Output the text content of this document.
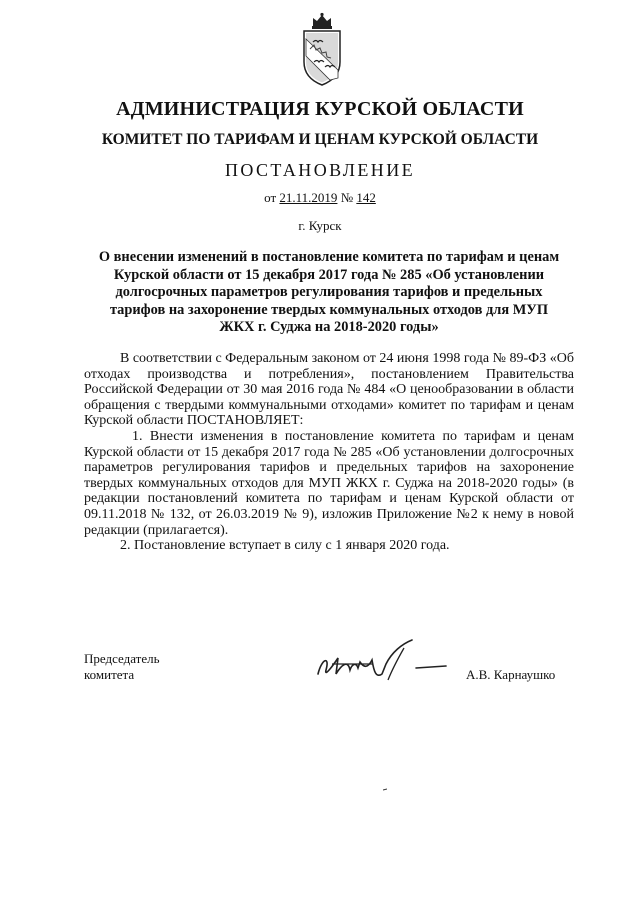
АДМИНИСТРАЦИЯ КУРСКОЙ ОБЛАСТИ
КОМИТЕТ ПО ТАРИФАМ И ЦЕНАМ КУРСКОЙ ОБЛАСТИ
ПОСТАНОВЛЕНИЕ
от 21.11.2019 № 142
г. Курск
О внесении изменений в постановление комитета по тарифам и ценам Курской области от 15 декабря 2017 года № 285 «Об установлении долгосрочных параметров регулирования тарифов и предельных тарифов на захоронение твердых коммунальных отходов для МУП ЖКХ г. Суджа на 2018-2020 годы»

В соответствии с Федеральным законом от 24 июня 1998 года № 89-ФЗ «Об отходах производства и потребления», постановлением Правительства Российской Федерации от 30 мая 2016 года № 484 «О ценообразовании в области обращения с твердыми коммунальными отходами» комитет по тарифам и ценам Курской области ПОСТАНОВЛЯЕТ:

1. Внести изменения в постановление комитета по тарифам и ценам Курской области от 15 декабря 2017 года № 285 «Об установлении долгосрочных параметров регулирования тарифов и предельных тарифов на захоронение твердых коммунальных отходов для МУП ЖКХ г. Суджа на 2018-2020 годы» (в редакции постановлений комитета по тарифам и ценам Курской области от 09.11.2018 № 132, от 26.03.2019 № 9), изложив Приложение №2 к нему в новой редакции (прилагается).

2. Постановление вступает в силу с 1 января 2020 года.

Председатель
комитета	А.В. Карнаушко
